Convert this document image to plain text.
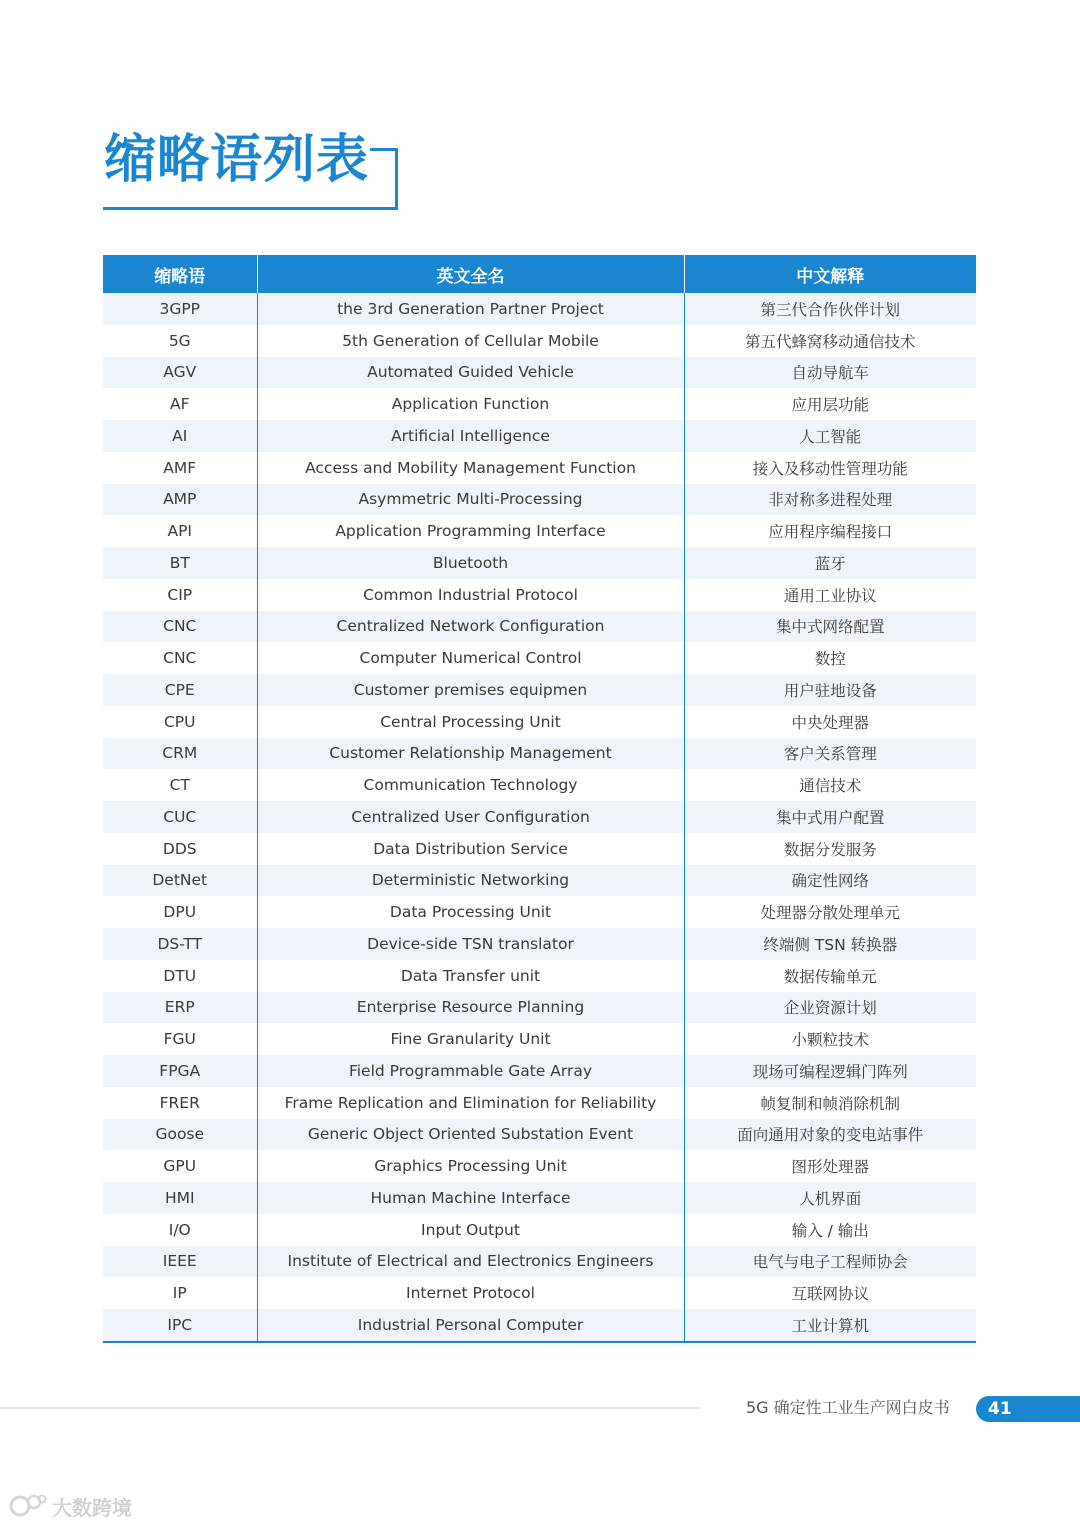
缩略语列表
缩略语	英文全名	中文解释
3GPP	the 3rd Generation Partner Project	第三代合作伙伴计划
5G	5th Generation of Cellular Mobile	第五代蜂窝移动通信技术
AGV	Automated Guided Vehicle	自动导航车
AF	Application Function	应用层功能
AI	Artificial Intelligence	人工智能
AMF	Access and Mobility Management Function	接入及移动性管理功能
AMP	Asymmetric Multi-Processing	非对称多进程处理
API	Application Programming Interface	应用程序编程接口
BT	Bluetooth	蓝牙
CIP	Common Industrial Protocol	通用工业协议
CNC	Centralized Network Configuration	集中式网络配置
CNC	Computer Numerical Control	数控
CPE	Customer premises equipmen	用户驻地设备
CPU	Central Processing Unit	中央处理器
CRM	Customer Relationship Management	客户关系管理
CT	Communication Technology	通信技术
CUC	Centralized User Configuration	集中式用户配置
DDS	Data Distribution Service	数据分发服务
DetNet	Deterministic Networking	确定性网络
DPU	Data Processing Unit	处理器分散处理单元
DS-TT	Device-side TSN translator	终端侧 TSN 转换器
DTU	Data Transfer unit	数据传输单元
ERP	Enterprise Resource Planning	企业资源计划
FGU	Fine Granularity Unit	小颗粒技术
FPGA	Field Programmable Gate Array	现场可编程逻辑门阵列
FRER	Frame Replication and Elimination for Reliability	帧复制和帧消除机制
Goose	Generic Object Oriented Substation Event	面向通用对象的变电站事件
GPU	Graphics Processing Unit	图形处理器
HMI	Human Machine Interface	人机界面
I/O	Input Output	输入 / 输出
IEEE	Institute of Electrical and Electronics Engineers	电气与电子工程师协会
IP	Internet Protocol	互联网协议
IPC	Industrial Personal Computer	工业计算机
5G 确定性工业生产网白皮书 41
大数跨境
